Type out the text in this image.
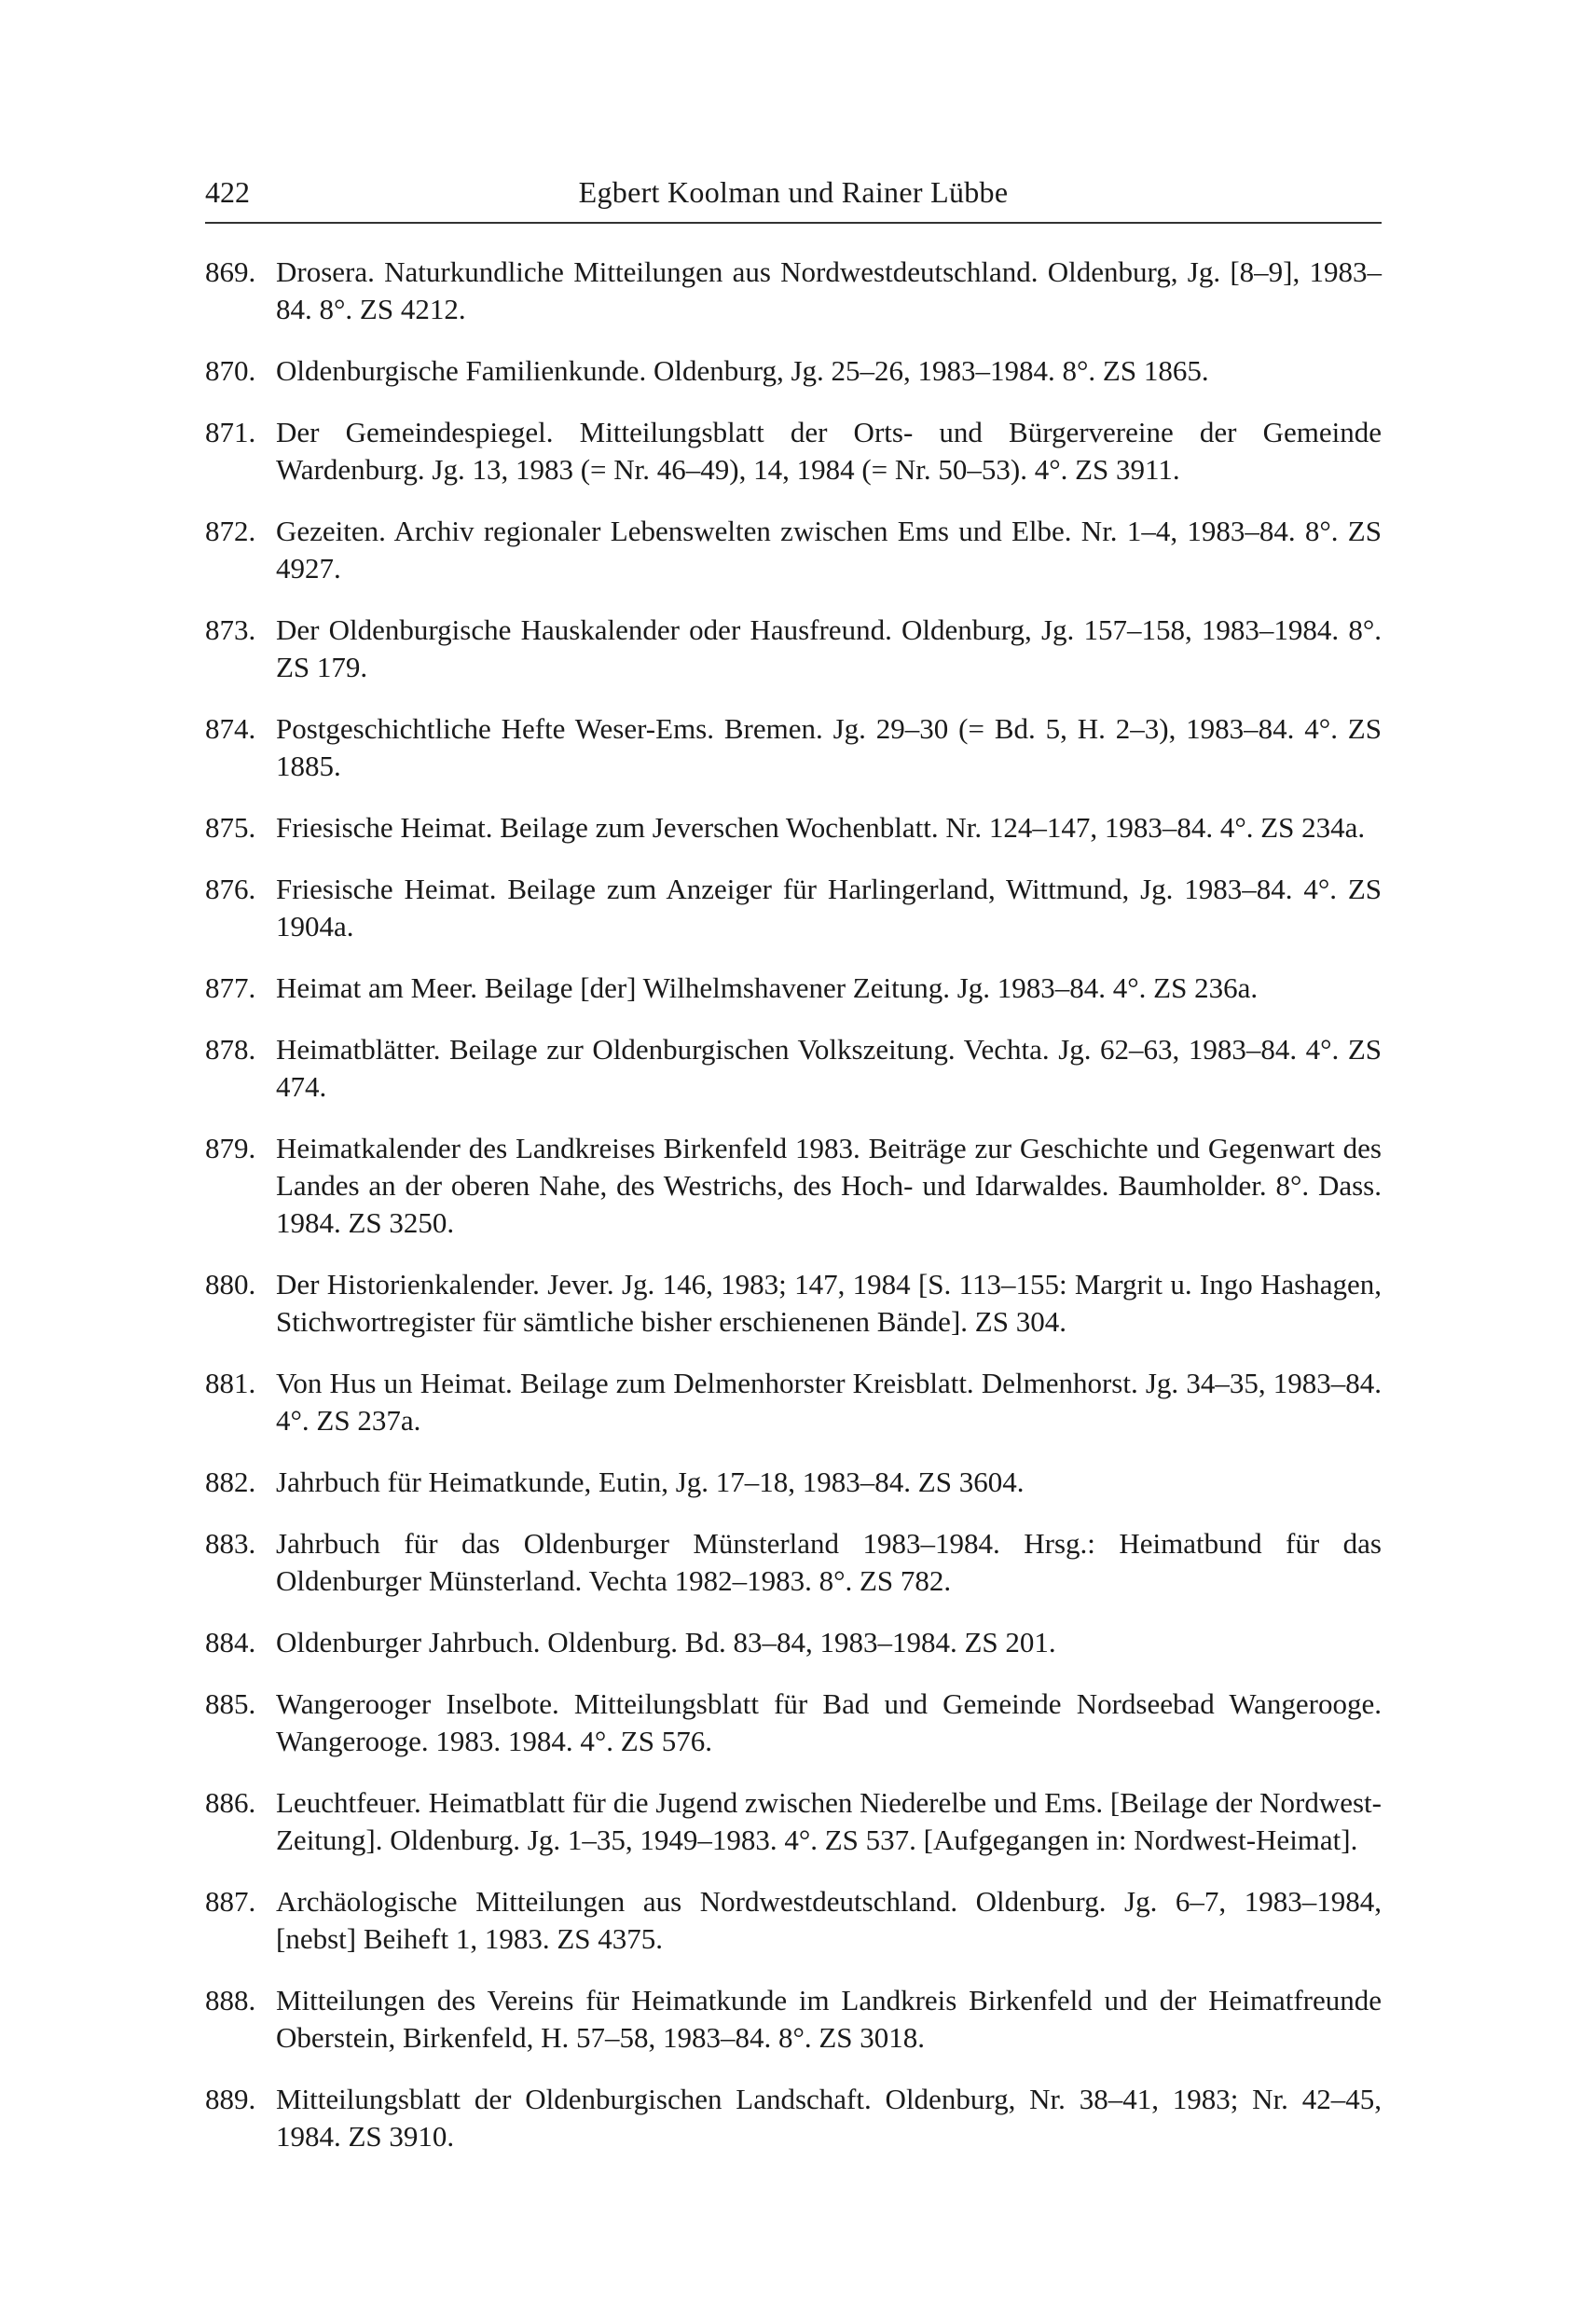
422	Egbert Koolman und Rainer Lübbe
869. Drosera. Naturkundliche Mitteilungen aus Nordwestdeutschland. Oldenburg, Jg. [8–9], 1983–84. 8°. ZS 4212.
870. Oldenburgische Familienkunde. Oldenburg, Jg. 25–26, 1983–1984. 8°. ZS 1865.
871. Der Gemeindespiegel. Mitteilungsblatt der Orts- und Bürgervereine der Gemeinde Wardenburg. Jg. 13, 1983 (= Nr. 46–49), 14, 1984 (= Nr. 50–53). 4°. ZS 3911.
872. Gezeiten. Archiv regionaler Lebenswelten zwischen Ems und Elbe. Nr. 1–4, 1983–84. 8°. ZS 4927.
873. Der Oldenburgische Hauskalender oder Hausfreund. Oldenburg, Jg. 157–158, 1983–1984. 8°. ZS 179.
874. Postgeschichtliche Hefte Weser-Ems. Bremen. Jg. 29–30 (= Bd. 5, H. 2–3), 1983–84. 4°. ZS 1885.
875. Friesische Heimat. Beilage zum Jeverschen Wochenblatt. Nr. 124–147, 1983–84. 4°. ZS 234a.
876. Friesische Heimat. Beilage zum Anzeiger für Harlingerland, Wittmund, Jg. 1983–84. 4°. ZS 1904a.
877. Heimat am Meer. Beilage [der] Wilhelmshavener Zeitung. Jg. 1983–84. 4°. ZS 236a.
878. Heimatblätter. Beilage zur Oldenburgischen Volkszeitung. Vechta. Jg. 62–63, 1983–84. 4°. ZS 474.
879. Heimatkalender des Landkreises Birkenfeld 1983. Beiträge zur Geschichte und Gegenwart des Landes an der oberen Nahe, des Westrichs, des Hoch- und Idarwaldes. Baumholder. 8°. Dass. 1984. ZS 3250.
880. Der Historienkalender. Jever. Jg. 146, 1983; 147, 1984 [S. 113–155: Margrit u. Ingo Hashagen, Stichwortregister für sämtliche bisher erschienenen Bände]. ZS 304.
881. Von Hus un Heimat. Beilage zum Delmenhorster Kreisblatt. Delmenhorst. Jg. 34–35, 1983–84. 4°. ZS 237a.
882. Jahrbuch für Heimatkunde, Eutin, Jg. 17–18, 1983–84. ZS 3604.
883. Jahrbuch für das Oldenburger Münsterland 1983–1984. Hrsg.: Heimatbund für das Oldenburger Münsterland. Vechta 1982–1983. 8°. ZS 782.
884. Oldenburger Jahrbuch. Oldenburg. Bd. 83–84, 1983–1984. ZS 201.
885. Wangerooger Inselbote. Mitteilungsblatt für Bad und Gemeinde Nordseebad Wangerooge. Wangerooge. 1983. 1984. 4°. ZS 576.
886. Leuchtfeuer. Heimatblatt für die Jugend zwischen Niederelbe und Ems. [Beilage der Nordwest-Zeitung]. Oldenburg. Jg. 1–35, 1949–1983. 4°. ZS 537. [Aufgegangen in: Nordwest-Heimat].
887. Archäologische Mitteilungen aus Nordwestdeutschland. Oldenburg. Jg. 6–7, 1983–1984, [nebst] Beiheft 1, 1983. ZS 4375.
888. Mitteilungen des Vereins für Heimatkunde im Landkreis Birkenfeld und der Heimatfreunde Oberstein, Birkenfeld, H. 57–58, 1983–84. 8°. ZS 3018.
889. Mitteilungsblatt der Oldenburgischen Landschaft. Oldenburg, Nr. 38–41, 1983; Nr. 42–45, 1984. ZS 3910.
